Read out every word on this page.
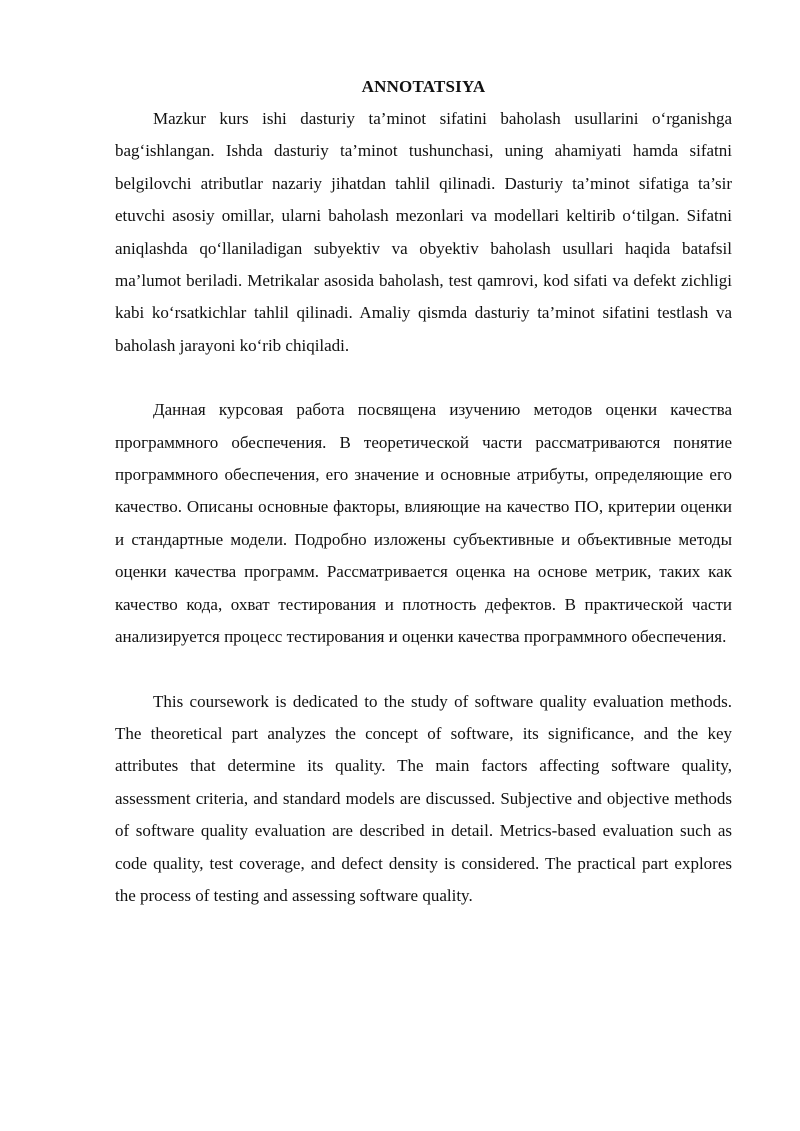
ANNOTATSIYA

Mazkur kurs ishi dasturiy ta’minot sifatini baholash usullarini o‘rganishga bag‘ishlangan. Ishda dasturiy ta’minot tushunchasi, uning ahamiyati hamda sifatni belgilovchi atributlar nazariy jihatdan tahlil qilinadi. Dasturiy ta’minot sifatiga ta’sir etuvchi asosiy omillar, ularni baholash mezonlari va modellari keltirib o‘tilgan. Sifatni aniqlashda qo‘llaniladigan subyektiv va obyektiv baholash usullari haqida batafsil ma’lumot beriladi. Metrikalar asosida baholash, test qamrovi, kod sifati va defekt zichligi kabi ko‘rsatkichlar tahlil qilinadi. Amaliy qismda dasturiy ta’minot sifatini testlash va baholash jarayoni ko‘rib chiqiladi.

Данная курсовая работа посвящена изучению методов оценки качества программного обеспечения. В теоретической части рассматриваются понятие программного обеспечения, его значение и основные атрибуты, определяющие его качество. Описаны основные факторы, влияющие на качество ПО, критерии оценки и стандартные модели. Подробно изложены субъективные и объективные методы оценки качества программ. Рассматривается оценка на основе метрик, таких как качество кода, охват тестирования и плотность дефектов. В практической части анализируется процесс тестирования и оценки качества программного обеспечения.

This coursework is dedicated to the study of software quality evaluation methods. The theoretical part analyzes the concept of software, its significance, and the key attributes that determine its quality. The main factors affecting software quality, assessment criteria, and standard models are discussed. Subjective and objective methods of software quality evaluation are described in detail. Metrics-based evaluation such as code quality, test coverage, and defect density is considered. The practical part explores the process of testing and assessing software quality.
